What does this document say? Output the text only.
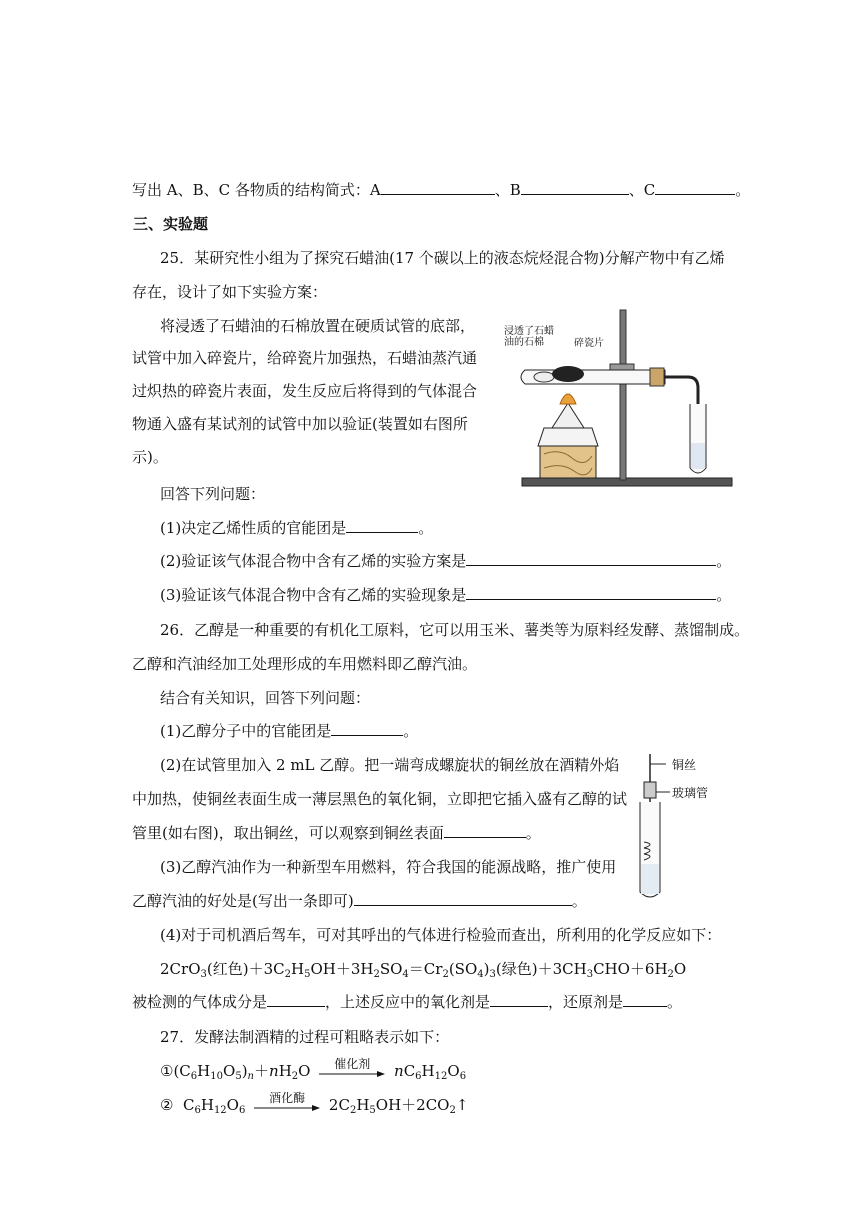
写出 A、B、C 各物质的结构简式：A	、B	、C	。
三、实验题
25．某研究性小组为了探究石蜡油(17 个碳以上的液态烷烃混合物)分解产物中有乙烯
存在，设计了如下实验方案：
将浸透了石蜡油的石棉放置在硬质试管的底部，
试管中加入碎瓷片，给碎瓷片加强热，石蜡油蒸汽通
过炽热的碎瓷片表面，发生反应后将得到的气体混合
物通入盛有某试剂的试管中加以验证(装置如右图所
示)。
浸透了石蜡
油的石棉	碎瓷片
回答下列问题：
(1)决定乙烯性质的官能团是	。
(2)验证该气体混合物中含有乙烯的实验方案是	。
(3)验证该气体混合物中含有乙烯的实验现象是	。
26．乙醇是一种重要的有机化工原料，它可以用玉米、薯类等为原料经发酵、蒸馏制成。
乙醇和汽油经加工处理形成的车用燃料即乙醇汽油。
结合有关知识，回答下列问题：
(1)乙醇分子中的官能团是	。
(2)在试管里加入 2 mL 乙醇。把一端弯成螺旋状的铜丝放在酒精外焰
中加热，使铜丝表面生成一薄层黑色的氧化铜，立即把它插入盛有乙醇的试
管里(如右图)，取出铜丝，可以观察到铜丝表面	。
铜丝
玻璃管
(3)乙醇汽油作为一种新型车用燃料，符合我国的能源战略，推广使用
乙醇汽油的好处是(写出一条即可)	。
(4)对于司机酒后驾车，可对其呼出的气体进行检验而查出，所利用的化学反应如下：
2CrO$_3$(红色)$+3C_2H_5OH+3H_2SO_4=Cr_2(SO_4)_3$(绿色)$+3CH_3CHO+6H_2O$
被检测的气体成分是	，上述反应中的氧化剂是	，还原剂是	。
27．发酵法制酒精的过程可粗略表示如下：
$①(C_6H_{10}O_5)_n+nH_2O$	催化剂	$nC_6H_{12}O_6$
②  $C_6H_{12}O_6$
酒化酶	$2C_2H_5OH+2CO_2↑$
